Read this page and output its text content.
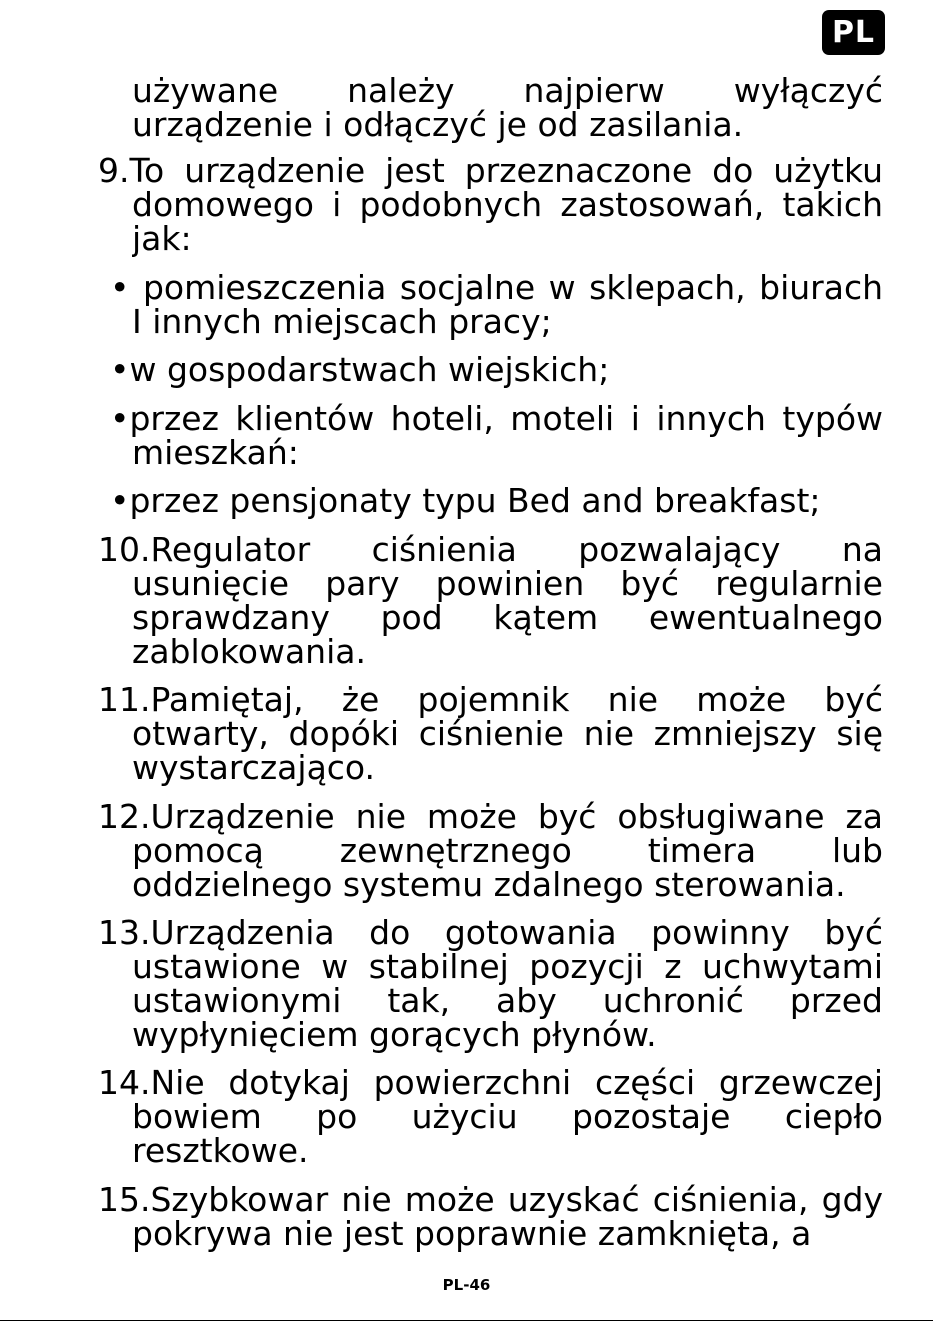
PL
używane należy najpierw wyłączyć
urządzenie i odłączyć je od zasilania.
9.To urządzenie jest przeznaczone do użytku
domowego i podobnych zastosowań, takich
jak:
• pomieszczenia socjalne w sklepach, biurach
I innych miejscach pracy;
•w gospodarstwach wiejskich;
•przez klientów hoteli, moteli i innych typów
mieszkań:
•przez pensjonaty typu Bed and breakfast;
10.Regulator ciśnienia pozwalający na
usunięcie pary powinien być regularnie
sprawdzany pod kątem ewentualnego
zablokowania.
11.Pamiętaj, że pojemnik nie może być
otwarty, dopóki ciśnienie nie zmniejszy się
wystarczająco.
12.Urządzenie nie może być obsługiwane za
pomocą zewnętrznego timera lub
oddzielnego systemu zdalnego sterowania.
13.Urządzenia do gotowania powinny być
ustawione w stabilnej pozycji z uchwytami
ustawionymi tak, aby uchronić przed
wypłynięciem gorących płynów.
14.Nie dotykaj powierzchni części grzewczej
bowiem po użyciu pozostaje ciepło
resztkowe.
15.Szybkowar nie może uzyskać ciśnienia, gdy
pokrywa nie jest poprawnie zamknięta, a
PL-46
